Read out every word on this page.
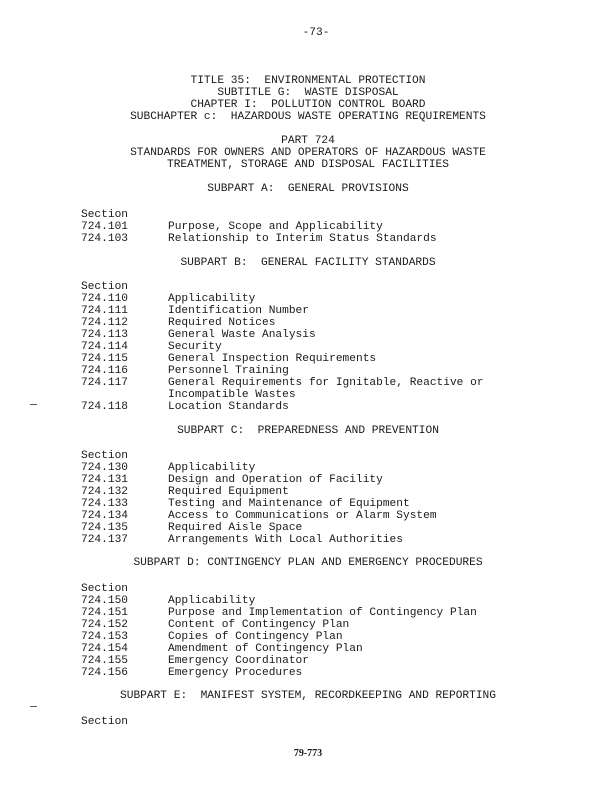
-73-
TITLE 35:  ENVIRONMENTAL PROTECTION
SUBTITLE G:  WASTE DISPOSAL
CHAPTER I:  POLLUTION CONTROL BOARD
SUBCHAPTER c:  HAZARDOUS WASTE OPERATING REQUIREMENTS
PART 724
STANDARDS FOR OWNERS AND OPERATORS OF HAZARDOUS WASTE
TREATMENT, STORAGE AND DISPOSAL FACILITIES
SUBPART A:  GENERAL PROVISIONS
Section
724.101	Purpose, Scope and Applicability
724.103	Relationship to Interim Status Standards
SUBPART B:  GENERAL FACILITY STANDARDS
Section
724.110	Applicability
724.111	Identification Number
724.112	Required Notices
724.113	General Waste Analysis
724.114	Security
724.115	General Inspection Requirements
724.116	Personnel Training
724.117	General Requirements for Ignitable, Reactive or
Incompatible Wastes
724.118	Location Standards
SUBPART C:  PREPAREDNESS AND PREVENTION
Section
724.130	Applicability
724.131	Design and Operation of Facility
724.132	Required Equipment
724.133	Testing and Maintenance of Equipment
724.134	Access to Communications or Alarm System
724.135	Required Aisle Space
724.137	Arrangements With Local Authorities
SUBPART D: CONTINGENCY PLAN AND EMERGENCY PROCEDURES
Section
724.150	Applicability
724.151	Purpose and Implementation of Contingency Plan
724.152	Content of Contingency Plan
724.153	Copies of Contingency Plan
724.154	Amendment of Contingency Plan
724.155	Emergency Coordinator
724.156	Emergency Procedures
SUBPART E:  MANIFEST SYSTEM, RECORDKEEPING AND REPORTING
Section
79-773
